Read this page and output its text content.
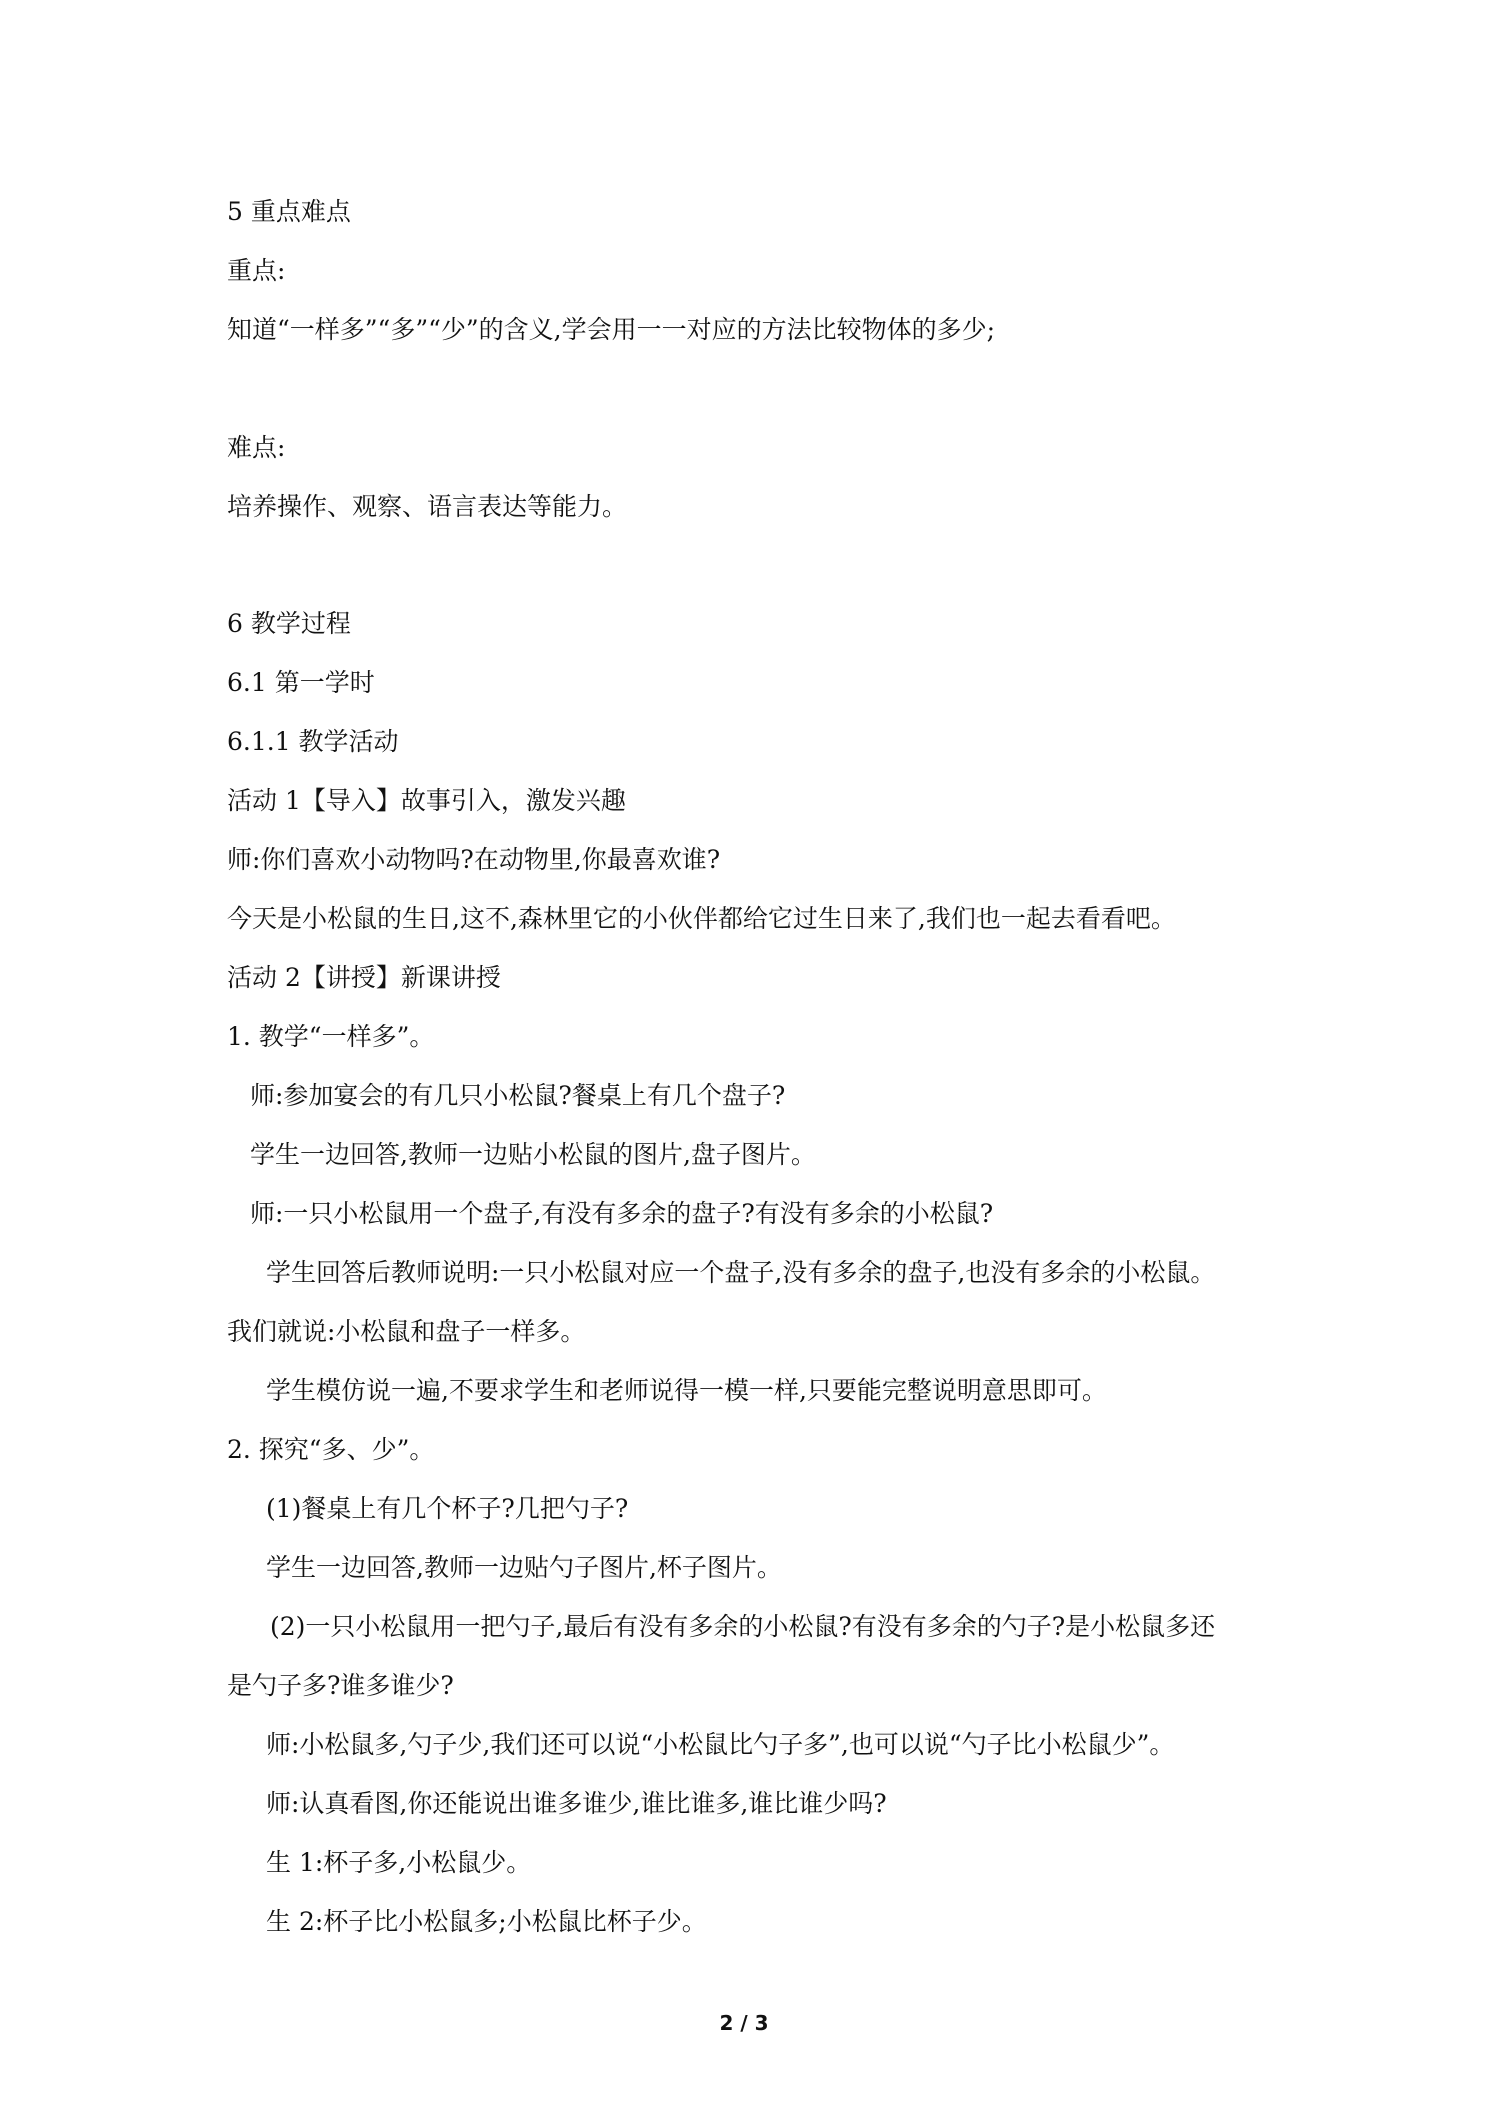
5 重点难点
重点:
知道“一样多”“多”“少”的含义,学会用一一对应的方法比较物体的多少;
难点:
培养操作、观察、语言表达等能力。
6 教学过程
6.1 第一学时
6.1.1 教学活动
活动 1【导入】故事引入，激发兴趣
师:你们喜欢小动物吗?在动物里,你最喜欢谁?
今天是小松鼠的生日,这不,森林里它的小伙伴都给它过生日来了,我们也一起去看看吧。
活动 2【讲授】新课讲授
1. 教学“一样多”。
师:参加宴会的有几只小松鼠?餐桌上有几个盘子?
学生一边回答,教师一边贴小松鼠的图片,盘子图片。
师:一只小松鼠用一个盘子,有没有多余的盘子?有没有多余的小松鼠?
学生回答后教师说明:一只小松鼠对应一个盘子,没有多余的盘子,也没有多余的小松鼠。
我们就说:小松鼠和盘子一样多。
学生模仿说一遍,不要求学生和老师说得一模一样,只要能完整说明意思即可。
2. 探究“多、少”。
(1)餐桌上有几个杯子?几把勺子?
学生一边回答,教师一边贴勺子图片,杯子图片。
(2)一只小松鼠用一把勺子,最后有没有多余的小松鼠?有没有多余的勺子?是小松鼠多还
是勺子多?谁多谁少?
师:小松鼠多,勺子少,我们还可以说“小松鼠比勺子多”,也可以说“勺子比小松鼠少”。
师:认真看图,你还能说出谁多谁少,谁比谁多,谁比谁少吗?
生 1:杯子多,小松鼠少。
生 2:杯子比小松鼠多;小松鼠比杯子少。
2 / 3
